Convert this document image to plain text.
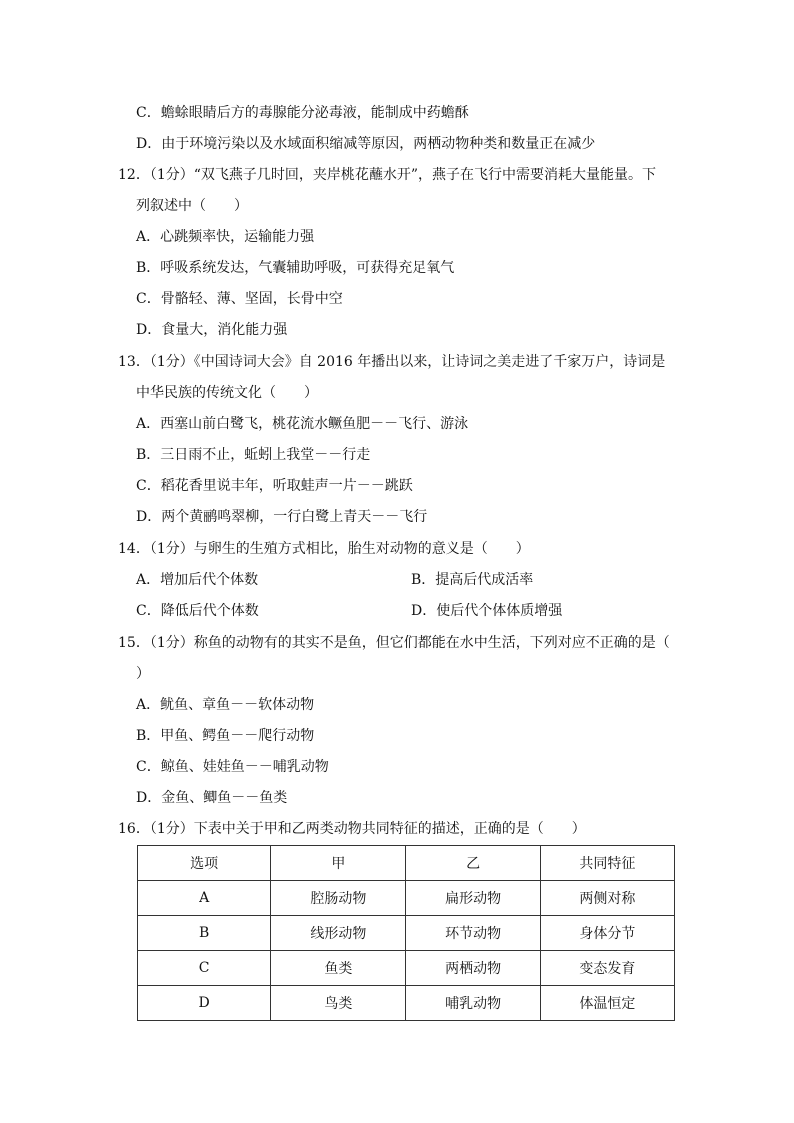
C．蟾蜍眼睛后方的毒腺能分泌毒液，能制成中药蟾酥
D．由于环境污染以及水域面积缩减等原因，两栖动物种类和数量正在减少
12．（1分）“双飞燕子几时回，夹岸桃花蘸水开”，燕子在飞行中需要消耗大量能量。下
列叙述中（　　）
A．心跳频率快，运输能力强
B．呼吸系统发达，气囊辅助呼吸，可获得充足氧气
C．骨骼轻、薄、坚固，长骨中空
D．食量大，消化能力强
13．（1分）《中国诗词大会》自 2016 年播出以来，让诗词之美走进了千家万户，诗词是
中华民族的传统文化（　　）
A．西塞山前白鹭飞，桃花流水鳜鱼肥－－飞行、游泳
B．三日雨不止，蚯蚓上我堂－－行走
C．稻花香里说丰年，听取蛙声一片－－跳跃
D．两个黄鹂鸣翠柳，一行白鹭上青天－－飞行
14．（1分）与卵生的生殖方式相比，胎生对动物的意义是（　　）
A．增加后代个体数	B．提高后代成活率
C．降低后代个体数	D．使后代个体体质增强
15．（1分）称鱼的动物有的其实不是鱼，但它们都能在水中生活，下列对应不正确的是（
）
A．鱿鱼、章鱼－－软体动物
B．甲鱼、鳄鱼－－爬行动物
C．鲸鱼、娃娃鱼－－哺乳动物
D．金鱼、鲫鱼－－鱼类
16．（1分）下表中关于甲和乙两类动物共同特征的描述，正确的是（　　）
选项	甲	乙	共同特征
A	腔肠动物	扁形动物	两侧对称
B	线形动物	环节动物	身体分节
C	鱼类	两栖动物	变态发育
D	鸟类	哺乳动物	体温恒定
